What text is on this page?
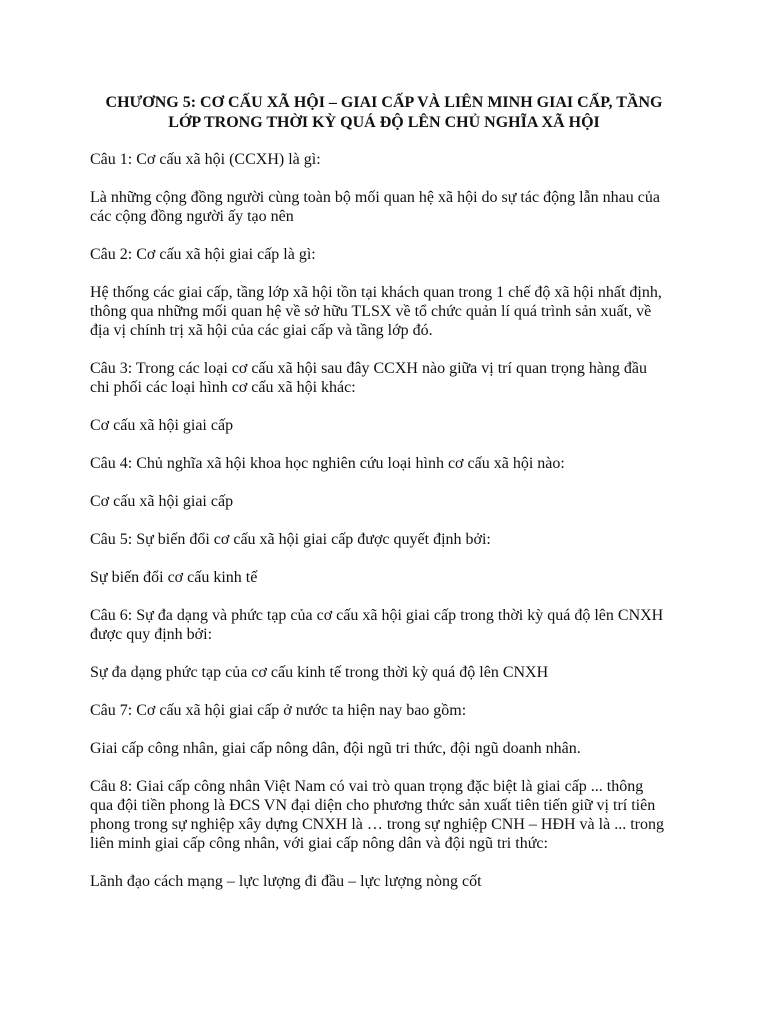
CHƯƠNG 5: CƠ CẤU XÃ HỘI – GIAI CẤP VÀ LIÊN MINH GIAI CẤP, TẦNG
LỚP TRONG THỜI KỲ QUÁ ĐỘ LÊN CHỦ NGHĨA XÃ HỘI

Câu 1: Cơ cấu xã hội (CCXH) là gì:

Là những cộng đồng người cùng toàn bộ mối quan hệ xã hội do sự tác động lẫn nhau của
các cộng đồng người ấy tạo nên

Câu 2: Cơ cấu xã hội giai cấp là gì:

Hệ thống các giai cấp, tầng lớp xã hội tồn tại khách quan trong 1 chế độ xã hội nhất định,
thông qua những mối quan hệ về sở hữu TLSX về tổ chức quản lí quá trình sản xuất, về
địa vị chính trị xã hội của các giai cấp và tầng lớp đó.

Câu 3: Trong các loại cơ cấu xã hội sau đây CCXH nào giữa vị trí quan trọng hàng đầu
chi phối các loại hình cơ cấu xã hội khác:

Cơ cấu xã hội giai cấp

Câu 4: Chủ nghĩa xã hội khoa học nghiên cứu loại hình cơ cấu xã hội nào:

Cơ cấu xã hội giai cấp

Câu 5: Sự biến đổi cơ cấu xã hội giai cấp được quyết định bởi:

Sự biến đổi cơ cấu kinh tế

Câu 6: Sự đa dạng và phức tạp của cơ cấu xã hội giai cấp trong thời kỳ quá độ lên CNXH
được quy định bởi:

Sự đa dạng phức tạp của cơ cấu kinh tế trong thời kỳ quá độ lên CNXH

Câu 7: Cơ cấu xã hội giai cấp ở nước ta hiện nay bao gồm:

Giai cấp công nhân, giai cấp nông dân, đội ngũ tri thức, đội ngũ doanh nhân.

Câu 8: Giai cấp công nhân Việt Nam có vai trò quan trọng đặc biệt là giai cấp ... thông
qua đội tiền phong là ĐCS VN đại diện cho phương thức sản xuất tiên tiến giữ vị trí tiên
phong trong sự nghiệp xây dựng CNXH là … trong sự nghiệp CNH – HĐH và là ... trong
liên minh giai cấp công nhân, với giai cấp nông dân và đội ngũ tri thức:

Lãnh đạo cách mạng – lực lượng đi đầu – lực lượng nòng cốt
